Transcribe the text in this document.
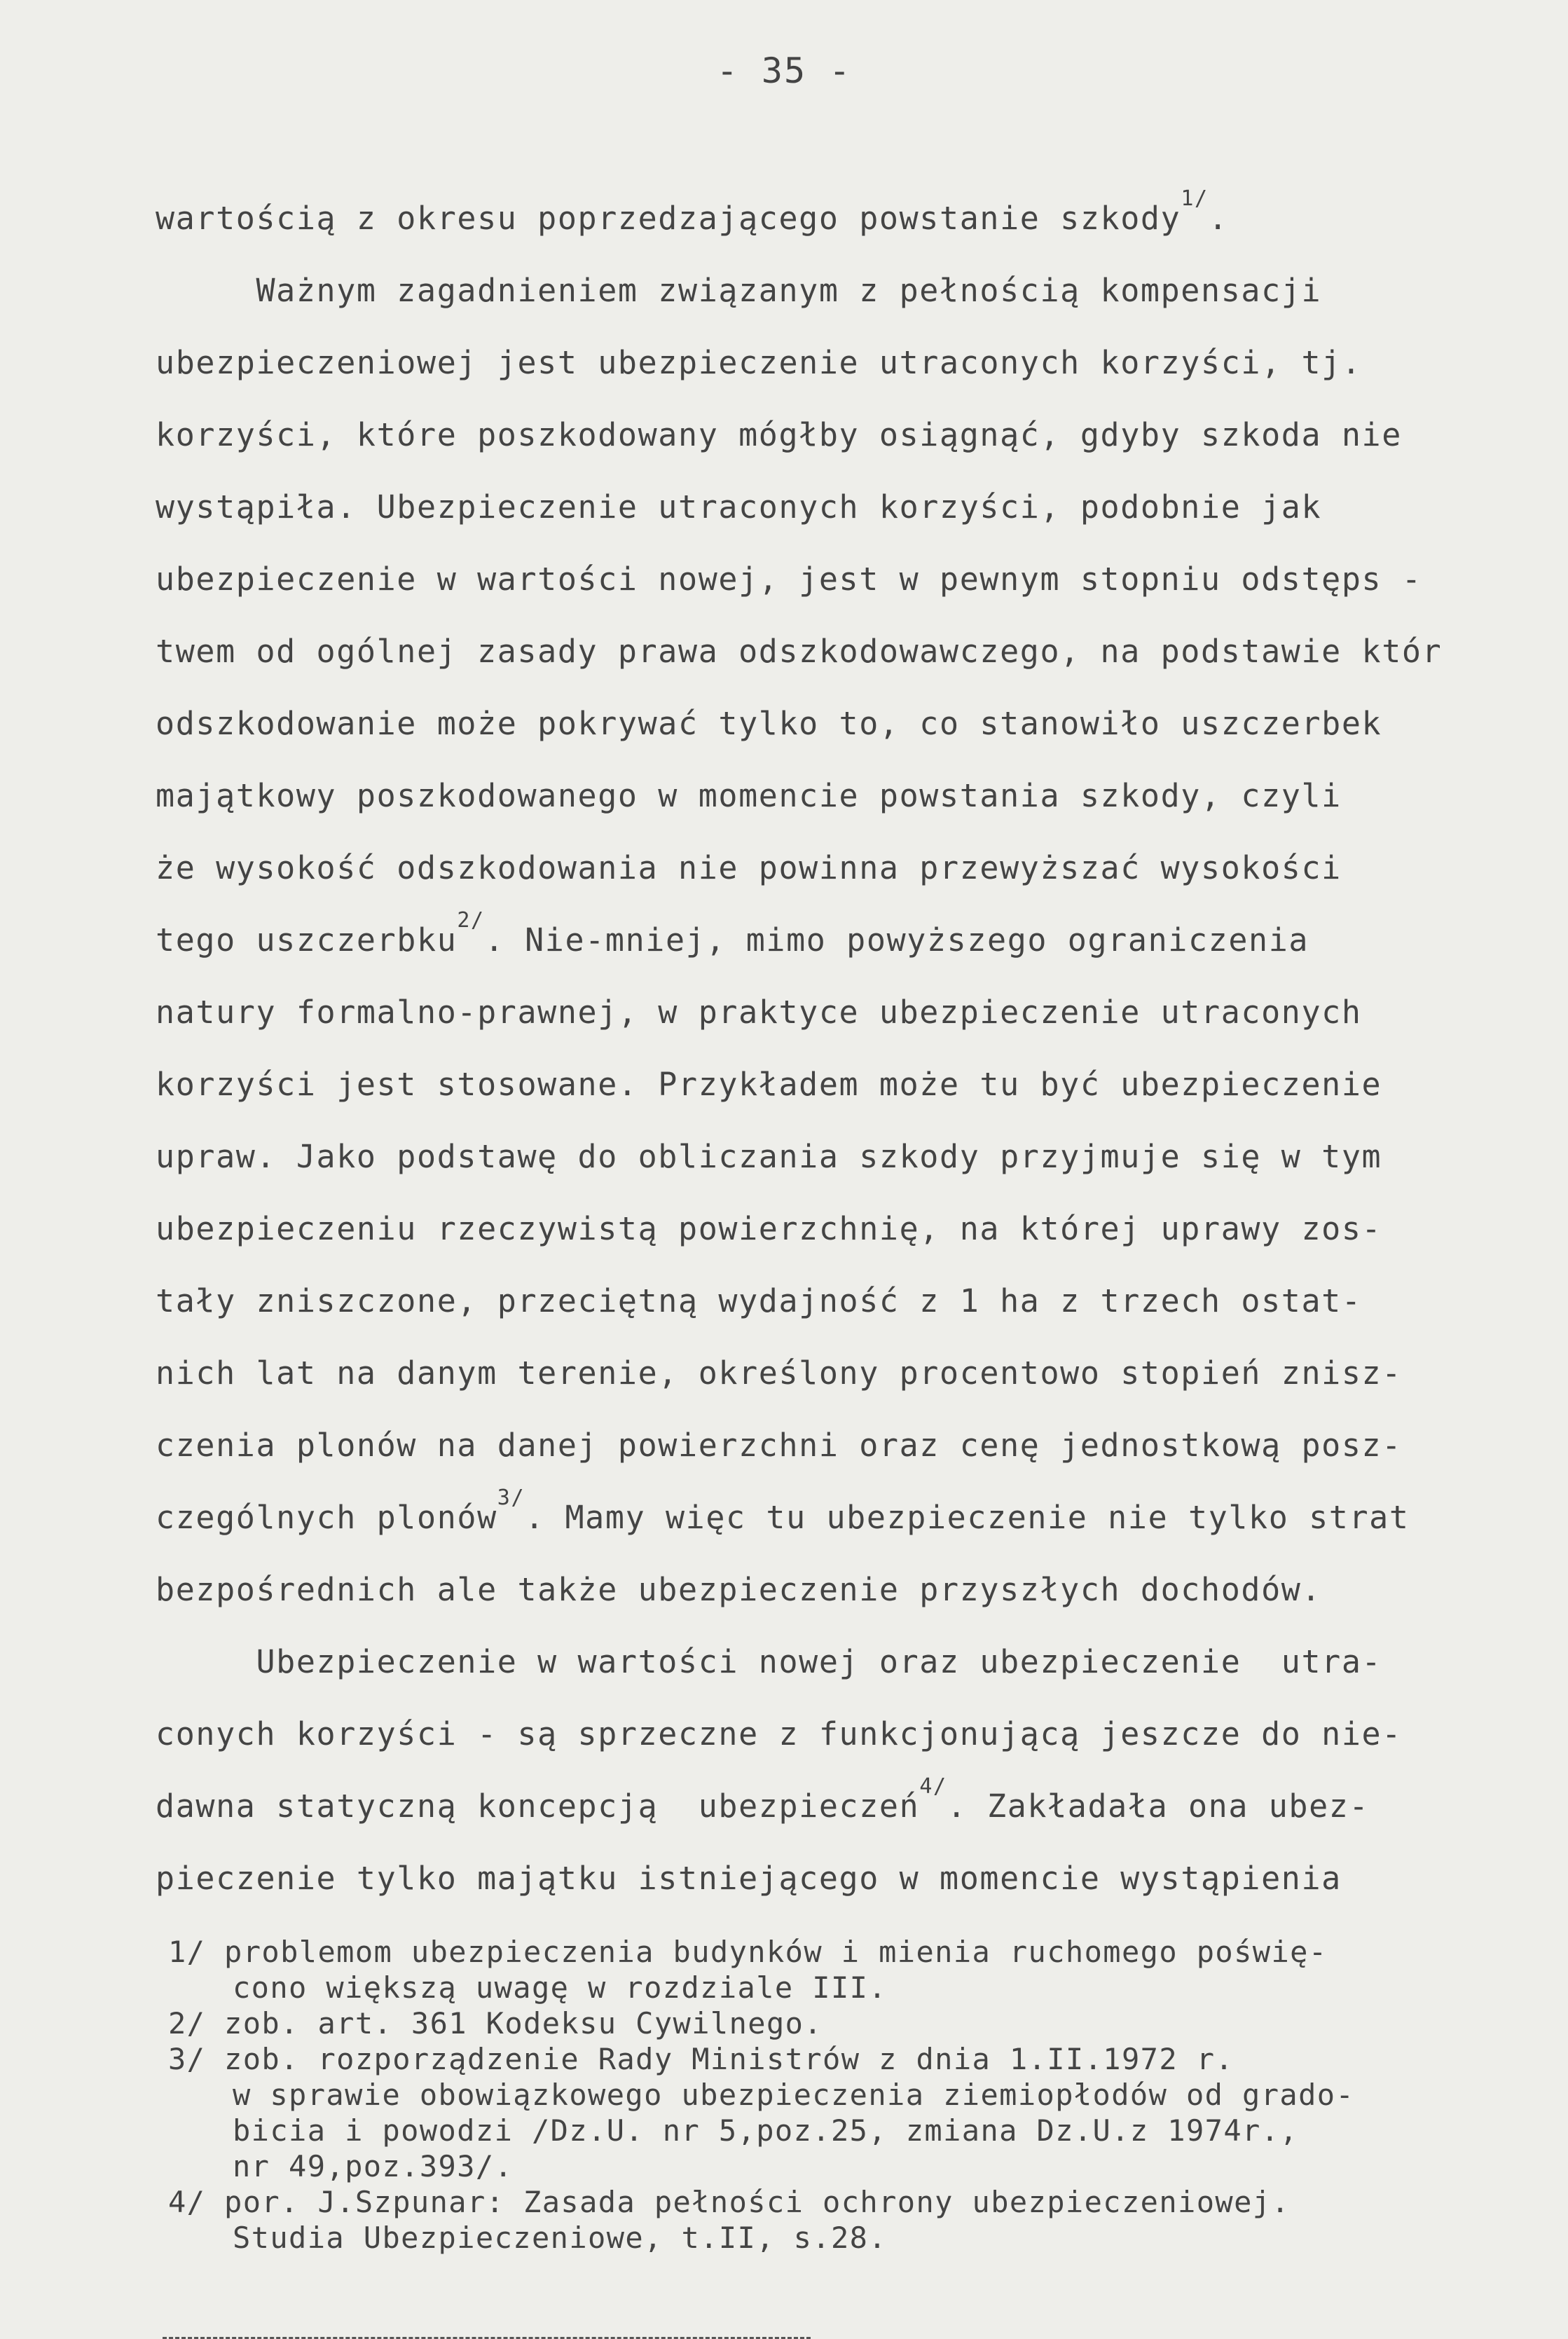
- 35 -
wartością z okresu poprzedzającego powstanie szkody$^{1/}$.
Ważnym zagadnieniem związanym z pełnością kompensacji
ubezpieczeniowej jest ubezpieczenie utraconych korzyści, tj.
korzyści, które poszkodowany mógłby osiągnąć, gdyby szkoda nie
wystąpiła. Ubezpieczenie utraconych korzyści, podobnie jak
ubezpieczenie w wartości nowej, jest w pewnym stopniu odstęps -
twem od ogólnej zasady prawa odszkodowawczego, na podstawie któr
odszkodowanie może pokrywać tylko to, co stanowiło uszczerbek
majątkowy poszkodowanego w momencie powstania szkody, czyli
że wysokość odszkodowania nie powinna przewyższać wysokości
tego uszczerbku$^{2/}$. Nie-mniej, mimo powyższego ograniczenia
natury formalno-prawnej, w praktyce ubezpieczenie utraconych
korzyści jest stosowane. Przykładem może tu być ubezpieczenie
upraw. Jako podstawę do obliczania szkody przyjmuje się w tym
ubezpieczeniu rzeczywistą powierzchnię, na której uprawy zos-
tały zniszczone, przeciętną wydajność z 1 ha z trzech ostat-
nich lat na danym terenie, określony procentowo stopień znisz-
czenia plonów na danej powierzchni oraz cenę jednostkową posz-
czególnych plonów$^{3/}$. Mamy więc tu ubezpieczenie nie tylko strat
bezpośrednich ale także ubezpieczenie przyszłych dochodów.
Ubezpieczenie w wartości nowej oraz ubezpieczenie  utra-
conych korzyści - są sprzeczne z funkcjonującą jeszcze do nie-
dawna statyczną koncepcją  ubezpieczeń$^{4/}$. Zakładała ona ubez-
pieczenie tylko majątku istniejącego w momencie wystąpienia
1/ problemom ubezpieczenia budynków i mienia ruchomego poświę-
cono większą uwagę w rozdziale III.
2/ zob. art. 361 Kodeksu Cywilnego.
3/ zob. rozporządzenie Rady Ministrów z dnia 1.II.1972 r.
w sprawie obowiązkowego ubezpieczenia ziemiopłodów od grado-
bicia i powodzi /Dz.U. nr 5,poz.25, zmiana Dz.U.z 1974r.,
nr 49,poz.393/.
4/ por. J.Szpunar: Zasada pełności ochrony ubezpieczeniowej.
Studia Ubezpieczeniowe, t.II, s.28.
